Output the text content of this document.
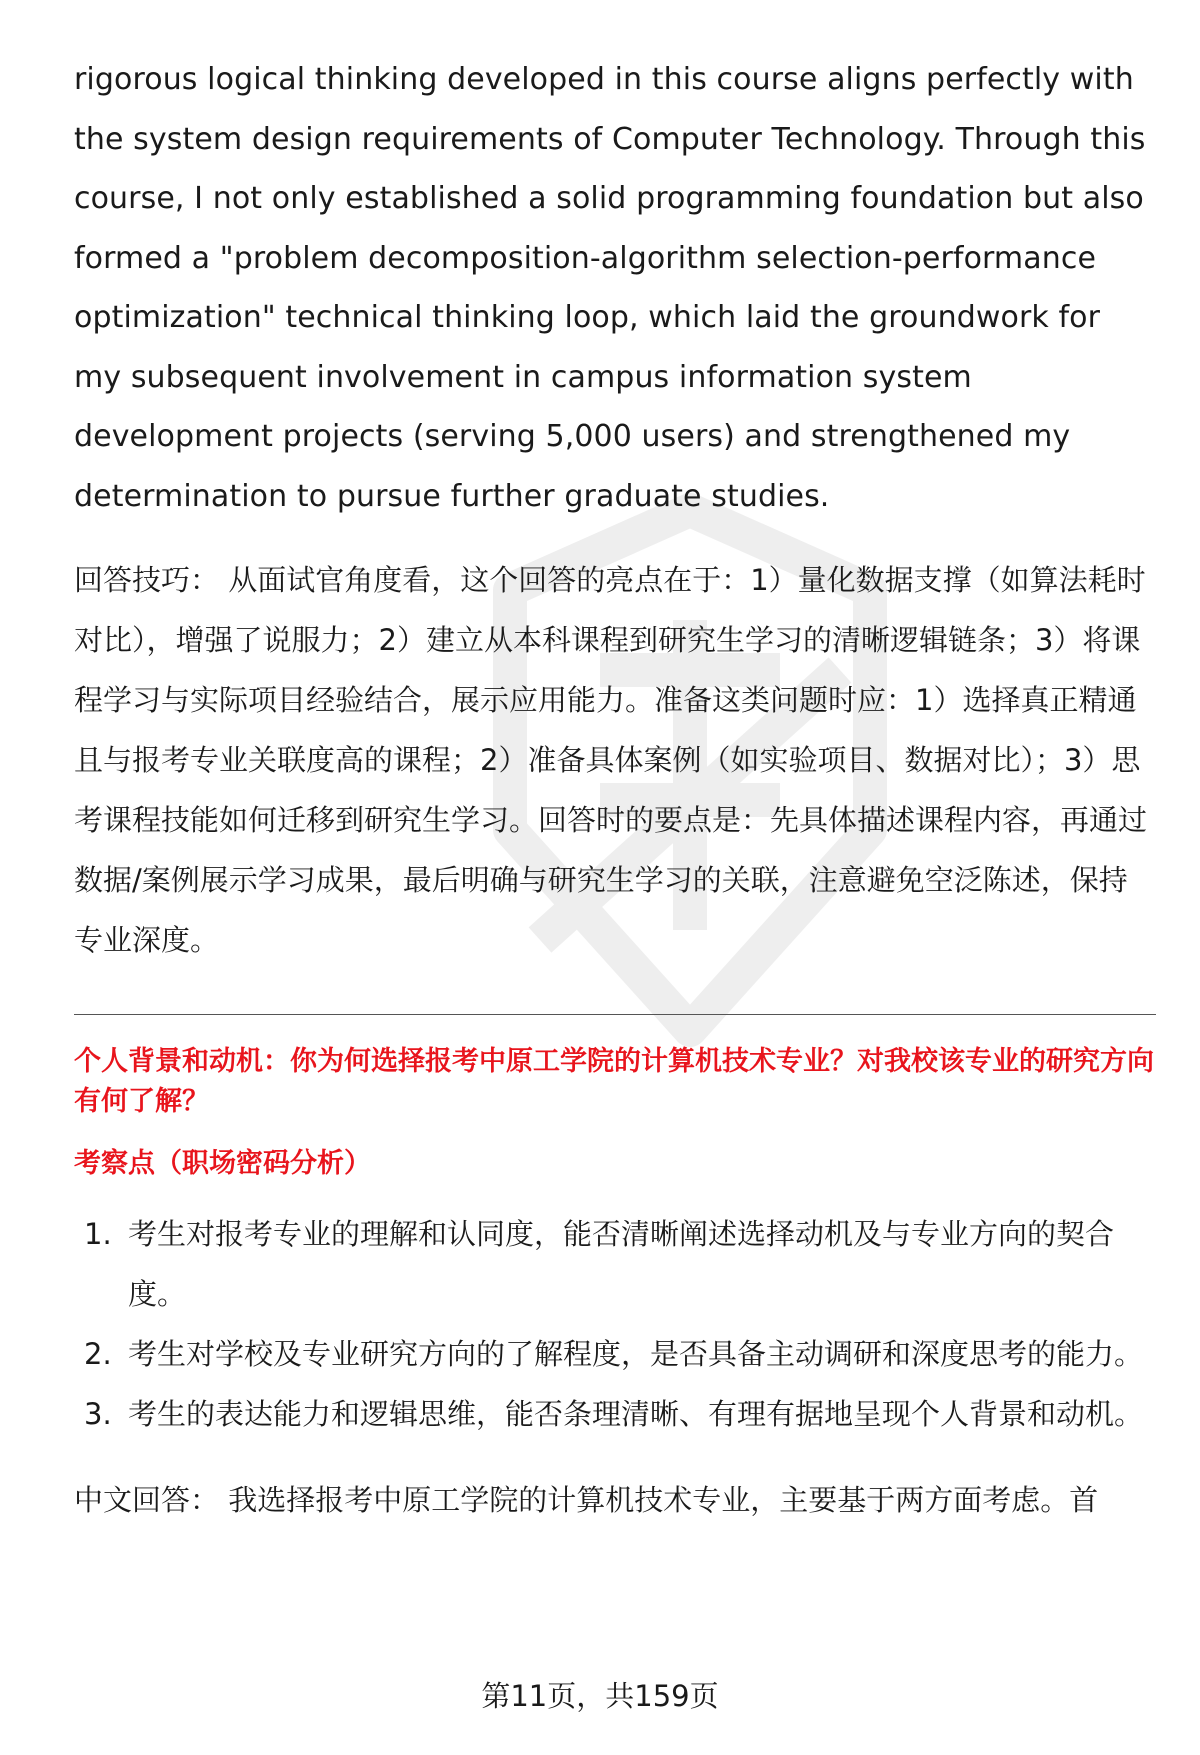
rigorous logical thinking developed in this course aligns perfectly with the system design requirements of Computer Technology. Through this course, I not only established a solid programming foundation but also formed a "problem decomposition-algorithm selection-performance optimization" technical thinking loop, which laid the groundwork for my subsequent involvement in campus information system development projects (serving 5,000 users) and strengthened my determination to pursue further graduate studies.

回答技巧： 从面试官角度看，这个回答的亮点在于：1）量化数据支撑（如算法耗时对比），增强了说服力；2）建立从本科课程到研究生学习的清晰逻辑链条；3）将课程学习与实际项目经验结合，展示应用能力。准备这类问题时应：1）选择真正精通且与报考专业关联度高的课程；2）准备具体案例（如实验项目、数据对比）；3）思考课程技能如何迁移到研究生学习。回答时的要点是：先具体描述课程内容，再通过数据/案例展示学习成果，最后明确与研究生学习的关联，注意避免空泛陈述，保持专业深度。

个人背景和动机：你为何选择报考中原工学院的计算机技术专业？对我校该专业的研究方向有何了解？
考察点（职场密码分析）
1. 考生对报考专业的理解和认同度，能否清晰阐述选择动机及与专业方向的契合度。
2. 考生对学校及专业研究方向的了解程度，是否具备主动调研和深度思考的能力。
3. 考生的表达能力和逻辑思维，能否条理清晰、有理有据地呈现个人背景和动机。

中文回答： 我选择报考中原工学院的计算机技术专业，主要基于两方面考虑。首

第11页，共159页
